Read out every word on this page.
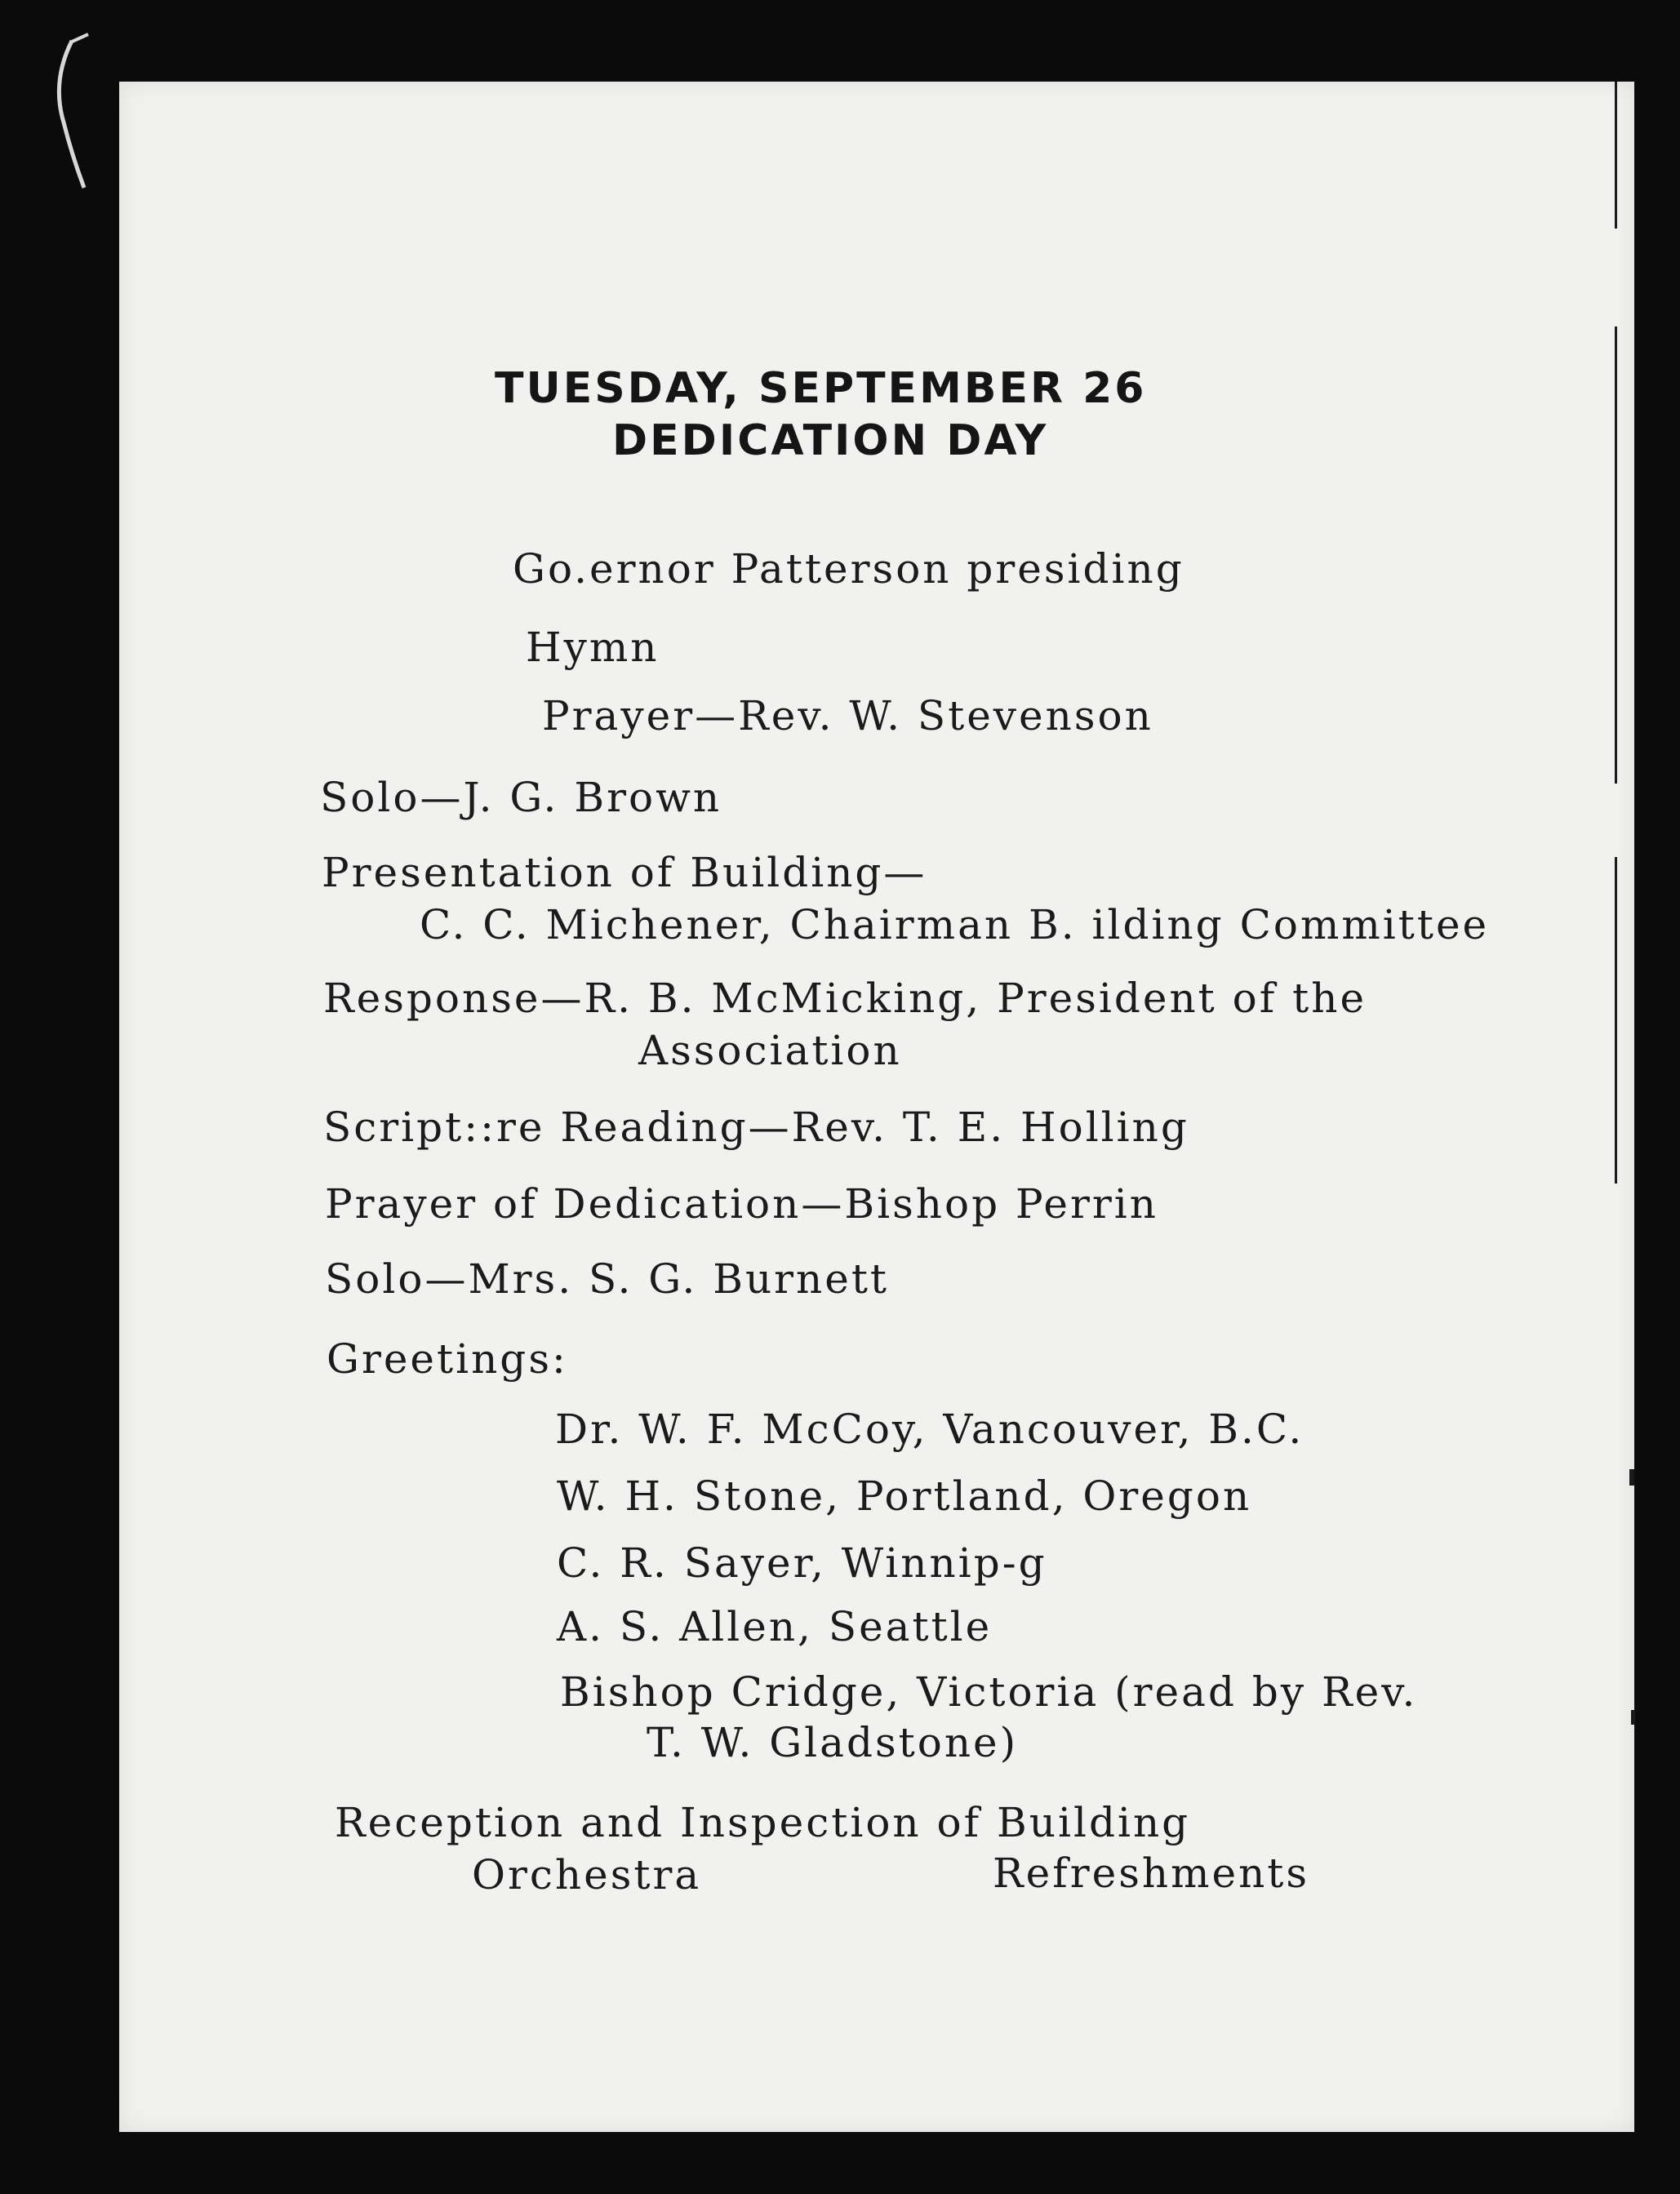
TUESDAY, SEPTEMBER 26
DEDICATION DAY
Go.ernor Patterson presiding
Hymn
Prayer—Rev. W. Stevenson
Solo—J. G. Brown
Presentation of Building—
C. C. Michener, Chairman B. ilding Committee
Response—R. B. McMicking, President of the
Association
Script::re Reading—Rev. T. E. Holling
Prayer of Dedication—Bishop Perrin
Solo—Mrs. S. G. Burnett
Greetings:
Dr. W. F. McCoy, Vancouver, B.C.
W. H. Stone, Portland, Oregon
C. R. Sayer, Winnip-g
A. S. Allen, Seattle
Bishop Cridge, Victoria (read by Rev.
T. W. Gladstone)
Reception and Inspection of Building
Orchestra	Refreshments
